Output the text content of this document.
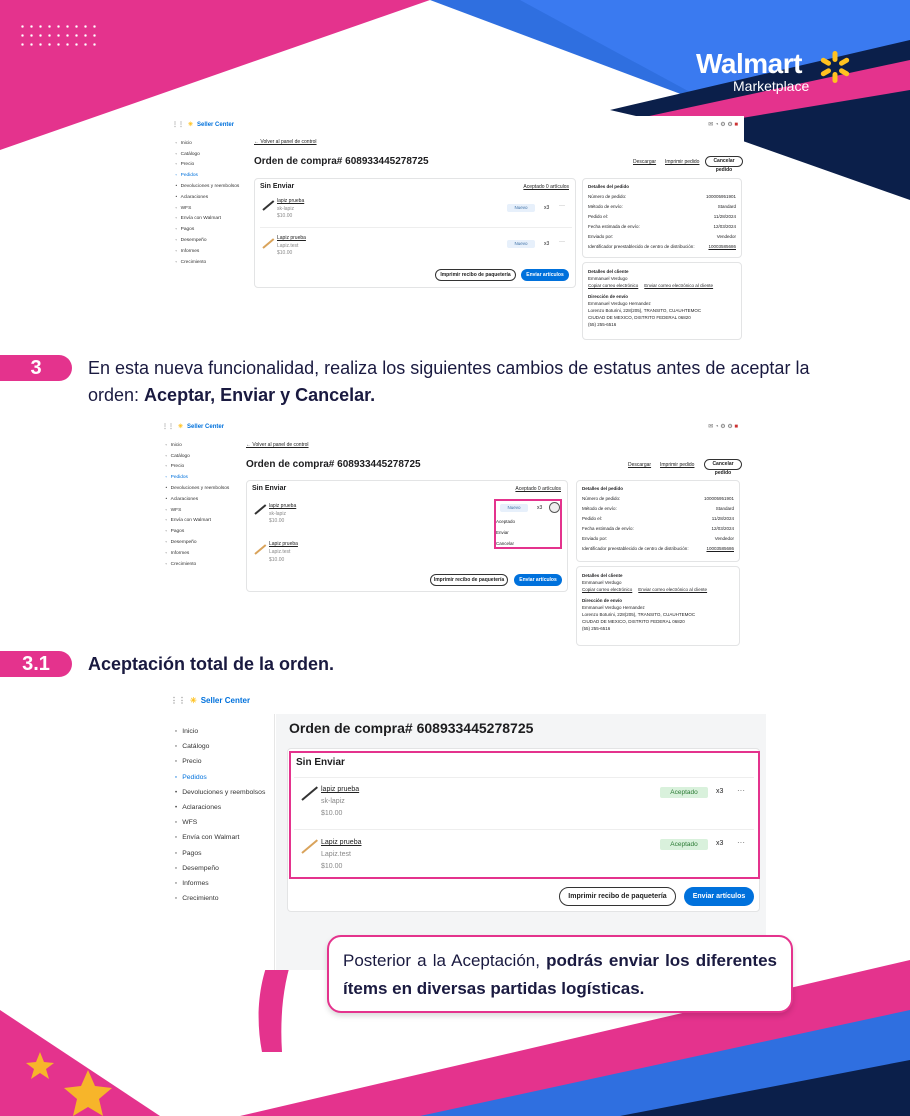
Walmart
Marketplace
⋮⋮ ✳ Seller Center	✉ ◔ ⚙ ⚙ ■
▫ Inicio
▫ Catálogo
▫ Precio
▫ Pedidos
• Devoluciones y reembolsos
• Aclaraciones
▫ WFS
▫ Envía con Walmart
▫ Pagos
▫ Desempeño
▫ Informes
▫ Crecimiento
← Volver al panel de control
Orden de compra# 608933445278725	Descargar Imprimir pedido	Cancelar pedido
Sin Enviar	Aceptado 0 artículos
lapiz prueba
sk-lapiz
$10.00
Nuevo	x3 ···
Lapiz prueba
Lapiz.test
$10.00
Nuevo	x3 ···
Imprimir recibo de paquetería	Enviar artículos
Detalles del pedido
Número de pedido:	100005951901
Método de envío:	Standard
Pedido el:	11/28/2024
Fecha estimada de envío:	12/03/2024
Enviado por:	Vendedor
Identificador preestablecido de centro de distribución:	10003585686
Detalles del cliente
Emmanuel Verdugo
Copiar correo electrónico Enviar correo electrónico al cliente
Dirección de envío
Emmanuel Verdugo Hernandez
Lorenzo Boturini, 228(205), TRANSITO, CUAUHTEMOC
CIUDAD DE MEXICO, DISTRITO FEDERAL 06820
(55) 255-6516
3	En esta nueva funcionalidad, realiza los siguientes cambios de estatus antes de aceptar la orden: Aceptar, Enviar y Cancelar.
⋮⋮ ✳ Seller Center	✉ ◔ ⚙ ⚙ ■
▫ Inicio
▫ Catálogo
▫ Precio
▫ Pedidos
• Devoluciones y reembolsos
• Aclaraciones
▫ WFS
▫ Envía con Walmart
▫ Pagos
▫ Desempeño
▫ Informes
▫ Crecimiento
← Volver al panel de control
Orden de compra# 608933445278725	Descargar Imprimir pedido	Cancelar pedido
Sin Enviar	Aceptado 0 artículos
lapiz prueba
sk-lapiz
$10.00
Nuevo	x3
Aceptado
Enviar
Cancelar
Lapiz prueba
Lapiz.test
$10.00
Imprimir recibo de paquetería	Enviar artículos
Detalles del pedido
Número de pedido:	100005951901
Método de envío:	Standard
Pedido el:	11/28/2024
Fecha estimada de envío:	12/03/2024
Enviado por:	Vendedor
Identificador preestablecido de centro de distribución:	10003585686
Detalles del cliente
Emmanuel Verdugo
Copiar correo electrónico Enviar correo electrónico al cliente
Dirección de envío
Emmanuel Verdugo Hernandez
Lorenzo Boturini, 228(205), TRANSITO, CUAUHTEMOC
CIUDAD DE MEXICO, DISTRITO FEDERAL 06820
(55) 255-6516
3.1 Aceptación total de la orden.
⋮⋮ ✳ Seller Center
▫ Inicio
▫ Catálogo
▫ Precio
▫ Pedidos
• Devoluciones y reembolsos
• Aclaraciones
▫ WFS
▫ Envía con Walmart
▫ Pagos
▫ Desempeño
▫ Informes
▫ Crecimiento
Orden de compra# 608933445278725
Sin Enviar
lapiz prueba
sk-lapiz
$10.00
Aceptado	x3 ···
Lapiz prueba
Lapiz.test
$10.00
Aceptado	x3 ···
Imprimir recibo de paquetería	Enviar artículos
Posterior a la Aceptación, podrás enviar los diferentes ítems en diversas partidas logísticas.
